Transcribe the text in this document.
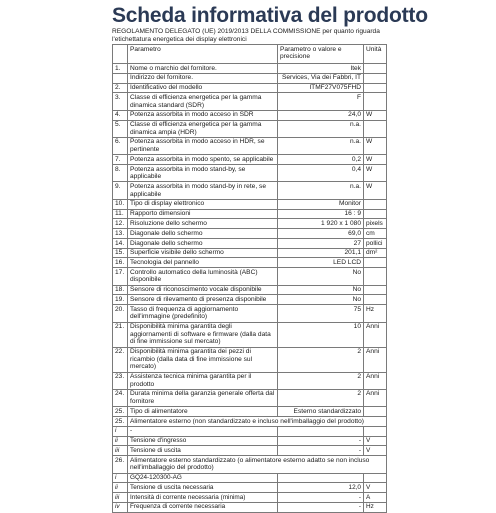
Scheda informativa del prodotto
REGOLAMENTO DELEGATO (UE) 2019/2013 DELLA COMMISSIONE per quanto riguarda l'etichettatura energetica dei display elettronici
	Parametro	Parametro o valore e precisione	Unità
1.	Nome o marchio del fornitore.	Itek	
	Indirizzo del fornitore.	Services, Via dei Fabbri, IT	
2.	Identificativo del modello	ITMF27V075FHD	
3.	Classe di efficienza energetica per la gamma dinamica standard (SDR)	F	
4.	Potenza assorbita in modo acceso in SDR	24,0	W
5.	Classe di efficienza energetica per la gamma dinamica ampia (HDR)	n.a.	
6.	Potenza assorbita in modo acceso in HDR, se pertinente	n.a.	W
7.	Potenza assorbita in modo spento, se applicabile	0,2	W
8.	Potenza assorbita in modo stand-by, se applicabile	0,4	W
9.	Potenza assorbita in modo stand-by in rete, se applicabile	n.a.	W
10.	Tipo di display elettronico	Monitor	
11.	Rapporto dimensioni	16 : 9	
12.	Risoluzione dello schermo	1 920 x 1 080	pixels
13.	Diagonale dello schermo	69,0	cm
14.	Diagonale dello schermo	27	pollici
15.	Superficie visibile dello schermo	201,1	dm²
16.	Tecnologia del pannello	LED LCD	
17.	Controllo automatico della luminosità (ABC) disponibile	No	
18.	Sensore di riconoscimento vocale disponibile	No	
19.	Sensore di rilevamento di presenza disponibile	No	
20.	Tasso di frequenza di aggiornamento dell'immagine (predefinito)	75	Hz
21.	Disponibilità minima garantita degli aggiornamenti di software e firmware (dalla data di fine immissione sul mercato)	10	Anni
22.	Disponibilità minima garantita dei pezzi di ricambio (dalla data di fine immissione sul mercato)	2	Anni
23.	Assistenza tecnica minima garantita per il prodotto	2	Anni
24.	Durata minima della garanzia generale offerta dal fornitore	2	Anni
25.	Tipo di alimentatore	Esterno standardizzato	
25.	Alimentatore esterno (non standardizzato e incluso nell'imballaggio del prodotto)		
i	-		
ii	Tensione d'ingresso	-	V
iii	Tensione di uscita	-	V
26.	Alimentatore esterno standardizzato (o alimentatore esterno adatto se non incluso nell'imballaggio del prodotto)		
i	GQ24-120300-AG		
ii	Tensione di uscita necessaria	12,0	V
iii	Intensità di corrente necessaria (minima)	-	A
iv	Frequenza di corrente necessaria	-	Hz
